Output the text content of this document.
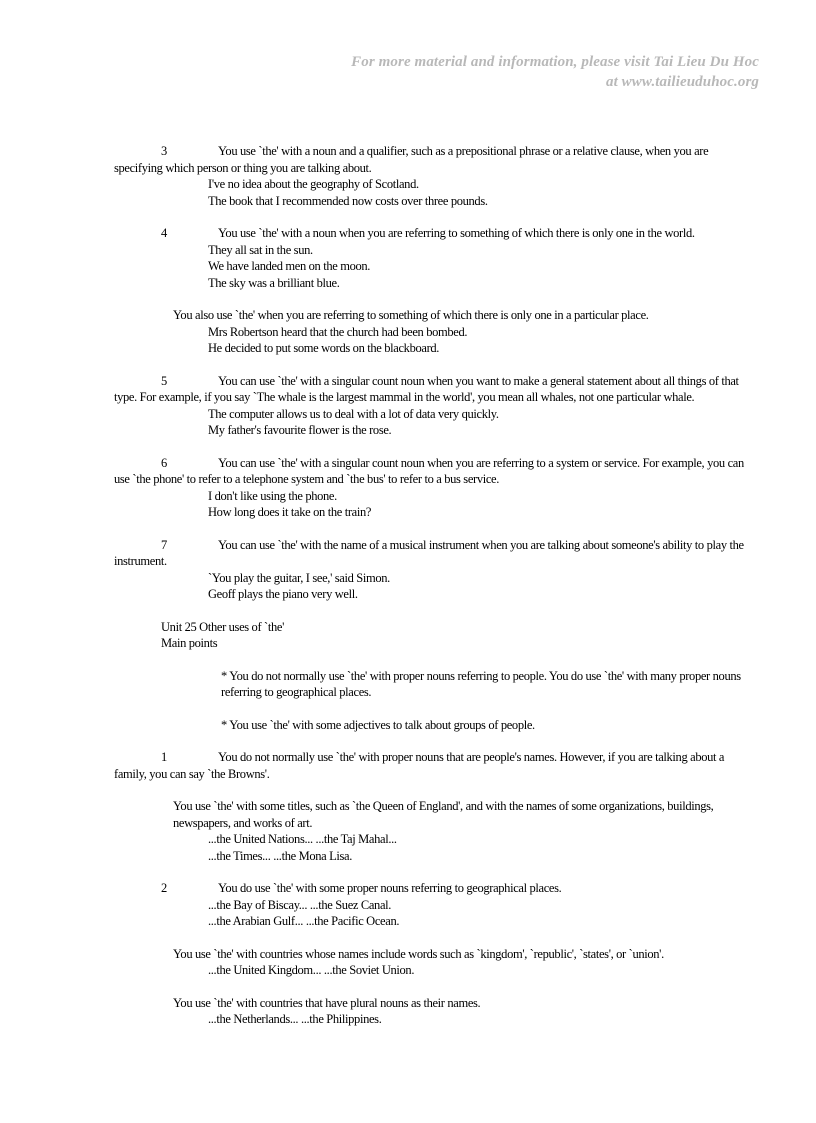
For more material and information, please visit Tai Lieu Du Hoc
at www.tailieuduhoc.org

3	You use `the' with a noun and a qualifier, such as a prepositional phrase or a relative clause, when you are specifying which person or thing you are talking about.

I've no idea about the geography of Scotland.

The book that I recommended now costs over three pounds.

4	You use `the' with a noun when you are referring to something of which there is only one in the world.

They all sat in the sun.

We have landed men on the moon.

The sky was a brilliant blue.

You also use `the' when you are referring to something of which there is only one in a particular place.

Mrs Robertson heard that the church had been bombed.

He decided to put some words on the blackboard.

5	You can use `the' with a singular count noun when you want to make a general statement about all things of that type. For example, if you say `The whale is the largest mammal in the world', you mean all whales, not one particular whale.

The computer allows us to deal with a lot of data very quickly.

My father's favourite flower is the rose.

6	You can use `the' with a singular count noun when you are referring to a system or service. For example, you can use `the phone' to refer to a telephone system and `the bus' to refer to a bus service.

I don't like using the phone.

How long does it take on the train?

7	You can use `the' with the name of a musical instrument when you are talking about someone's ability to play the instrument.

`You play the guitar, I see,' said Simon.

Geoff plays the piano very well.

Unit 25 Other uses of `the'

Main points

* You do not normally use `the' with proper nouns referring to people. You do use `the' with many proper nouns referring to geographical places.

* You use `the' with some adjectives to talk about groups of people.

1	You do not normally use `the' with proper nouns that are people's names. However, if you are talking about a family, you can say `the Browns'.

You use `the' with some titles, such as `the Queen of England', and with the names of some organizations, buildings, newspapers, and works of art.

...the United Nations... ...the Taj Mahal...

...the Times... ...the Mona Lisa.

2	You do use `the' with some proper nouns referring to geographical places.

...the Bay of Biscay... ...the Suez Canal.

...the Arabian Gulf... ...the Pacific Ocean.

You use `the' with countries whose names include words such as `kingdom', `republic', `states', or `union'.

...the United Kingdom... ...the Soviet Union.

You use `the' with countries that have plural nouns as their names.

...the Netherlands... ...the Philippines.
